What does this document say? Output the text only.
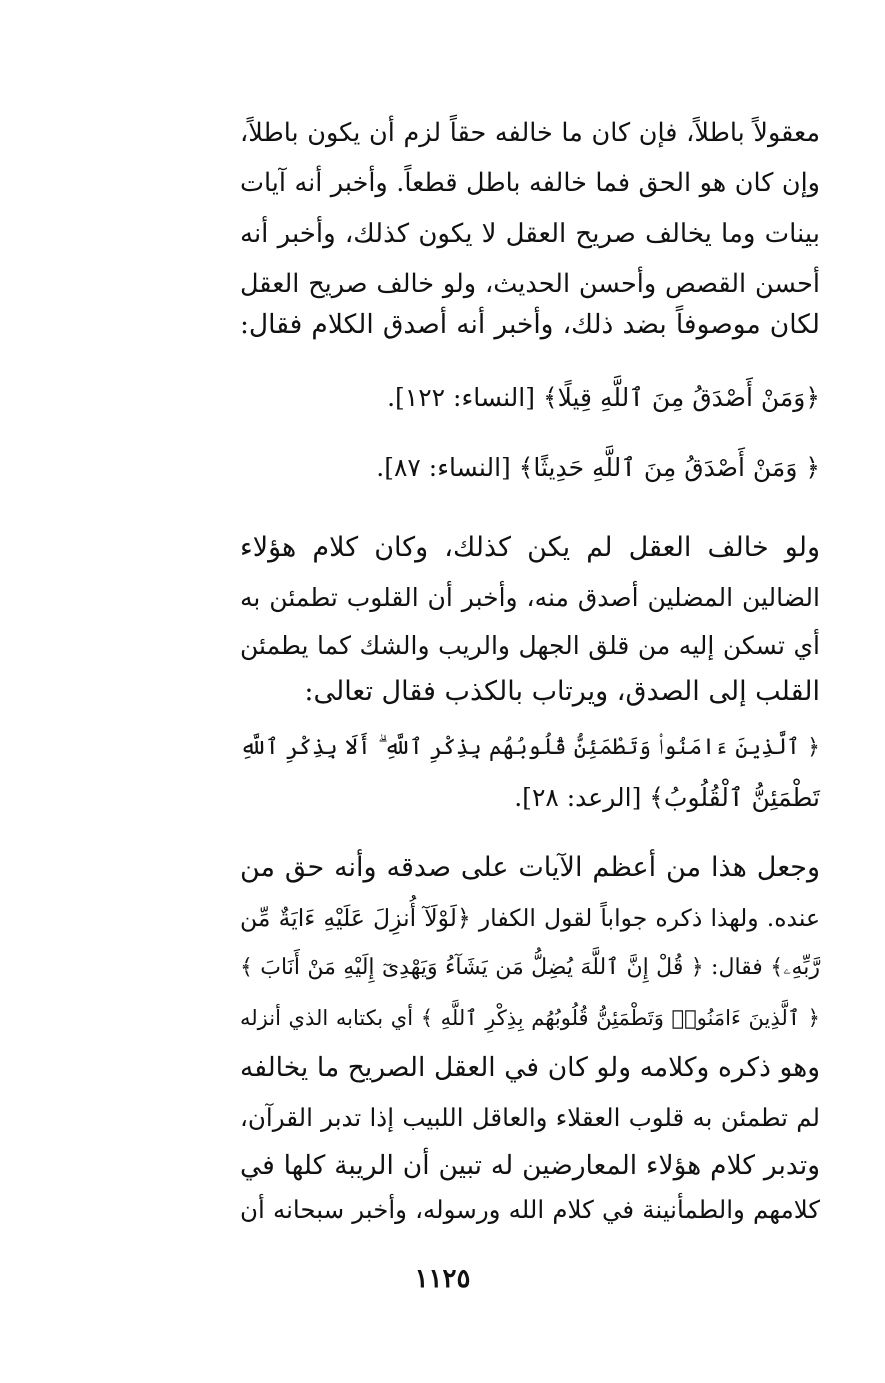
معقولاً باطلاً، فإن كان ما خالفه حقاً لزم أن يكون باطلاً،
وإن كان هو الحق فما خالفه باطل قطعاً. وأخبر أنه آيات
بينات وما يخالف صريح العقل لا يكون كذلك، وأخبر أنه
أحسن القصص وأحسن الحديث، ولو خالف صريح العقل
لكان موصوفاً بضد ذلك، وأخبر أنه أصدق الكلام فقال:
﴿وَمَنْ أَصْدَقُ مِنَ ٱللَّهِ قِيلًا﴾ [النساء: ١٢٢].
﴿ وَمَنْ أَصْدَقُ مِنَ ٱللَّهِ حَدِيثًا﴾ [النساء: ٨٧].
ولو خالف العقل لم يكن كذلك، وكان كلام هؤلاء
الضالين المضلين أصدق منه، وأخبر أن القلوب تطمئن به
أي تسكن إليه من قلق الجهل والريب والشك كما يطمئن
القلب إلى الصدق، ويرتاب بالكذب فقال تعالى:
﴿ ٱلَّذِينَ ءَامَنُوا۟ وَتَطْمَئِنُّ قُلُوبُهُم بِذِكْرِ ٱللَّهِ ۗ أَلَا بِذِكْرِ ٱللَّهِ
تَطْمَئِنُّ ٱلْقُلُوبُ﴾ [الرعد: ٢٨].
وجعل هذا من أعظم الآيات على صدقه وأنه حق من
عنده. ولهذا ذكره جواباً لقول الكفار ﴿لَوْلَآ أُنزِلَ عَلَيْهِ ءَايَةٌ مِّن
رَّبِّهِۦ﴾ فقال: ﴿ قُلْ إِنَّ ٱللَّهَ يُضِلُّ مَن يَشَآءُ وَيَهْدِىٓ إِلَيْهِ مَنْ أَنَابَ ﴾
﴿ ٱلَّذِينَ ءَامَنُوا۟ وَتَطْمَئِنُّ قُلُوبُهُم بِذِكْرِ ٱللَّهِ ﴾ أي بكتابه الذي أنزله
وهو ذكره وكلامه ولو كان في العقل الصريح ما يخالفه
لم تطمئن به قلوب العقلاء والعاقل اللبيب إذا تدبر القرآن،
وتدبر كلام هؤلاء المعارضين له تبين أن الريبة كلها في
كلامهم والطمأنينة في كلام الله ورسوله، وأخبر سبحانه أن
١١٢٥
